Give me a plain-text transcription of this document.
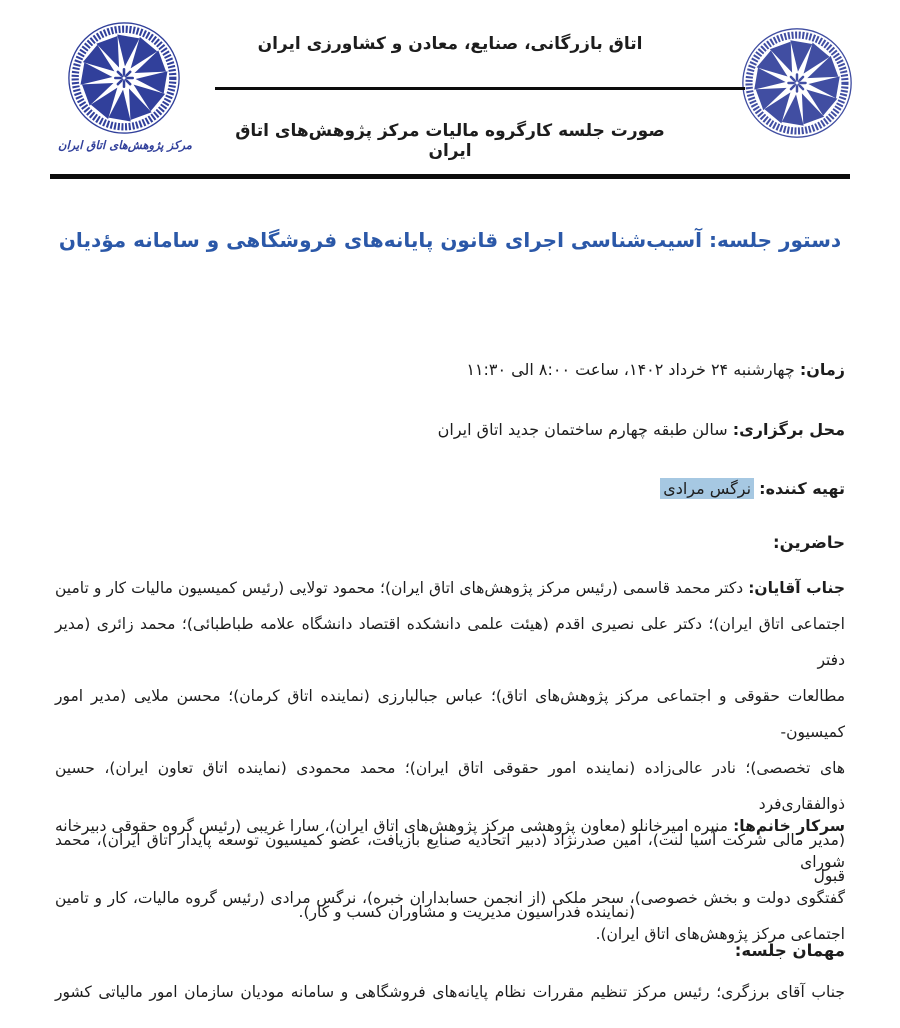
مرکز پژوهش‌های اتاق ایران
اتاق بازرگانی، صنایع، معادن و کشاورزی ایران
صورت جلسه کارگروه مالیات مرکز پژوهش‌های اتاق ایران
دستور جلسه: آسیب‌شناسی اجرای قانون پایانه‌های فروشگاهی و سامانه مؤدیان
زمان: چهارشنبه ۲۴ خرداد ۱۴۰۲، ساعت ۸:۰۰ الی ۱۱:۳۰
محل برگزاری: سالن طبقه چهارم ساختمان جدید اتاق ایران
تهیه کننده: نرگس مرادی
حاضرین:
جناب آقایان: دکتر محمد قاسمی (رئیس مرکز پژوهش‌های اتاق ایران)؛ محمود تولایی (رئیس کمیسیون مالیات کار و تامین
اجتماعی اتاق ایران)؛ دکتر علی نصیری اقدم (هیئت علمی دانشکده اقتصاد دانشگاه علامه طباطبائی)؛ محمد زائری (مدیر دفتر
مطالعات حقوقی و اجتماعی مرکز پژوهش‌های اتاق)؛ عباس جبالبارزی (نماینده اتاق کرمان)؛ محسن ملایی (مدیر امور کمیسیون-
های تخصصی)؛ نادر عالی‌زاده (نماینده امور حقوقی اتاق ایران)؛ محمد محمودی (نماینده اتاق تعاون ایران)، حسین ذوالفقاری‌فرد
(مدیر مالی شرکت آسیا لنت)، امین صدرنژاد (دبیر اتحادیه صنایع بازیافت، عضو کمیسیون توسعه پایدار اتاق ایران)، محمد قبول
(نماینده فدراسیون مدیریت و مشاوران کسب و کار).
سرکار خانم‌ها: منیره امیرخانلو (معاون پژوهشی مرکز پژوهش‌های اتاق ایران)، سارا غریبی (رئیس گروه حقوقی دبیرخانه شورای
گفتگوی دولت و بخش خصوصی)، سحر ملکی (از انجمن حسابداران خبره)، نرگس مرادی (رئیس گروه مالیات، کار و تامین
اجتماعی مرکز پژوهش‌های اتاق ایران).
مهمان جلسه:
جناب آقای برزگری؛ رئیس مرکز تنظیم مقررات نظام پایانه‌های فروشگاهی و سامانه مودیان سازمان امور مالیاتی کشور
